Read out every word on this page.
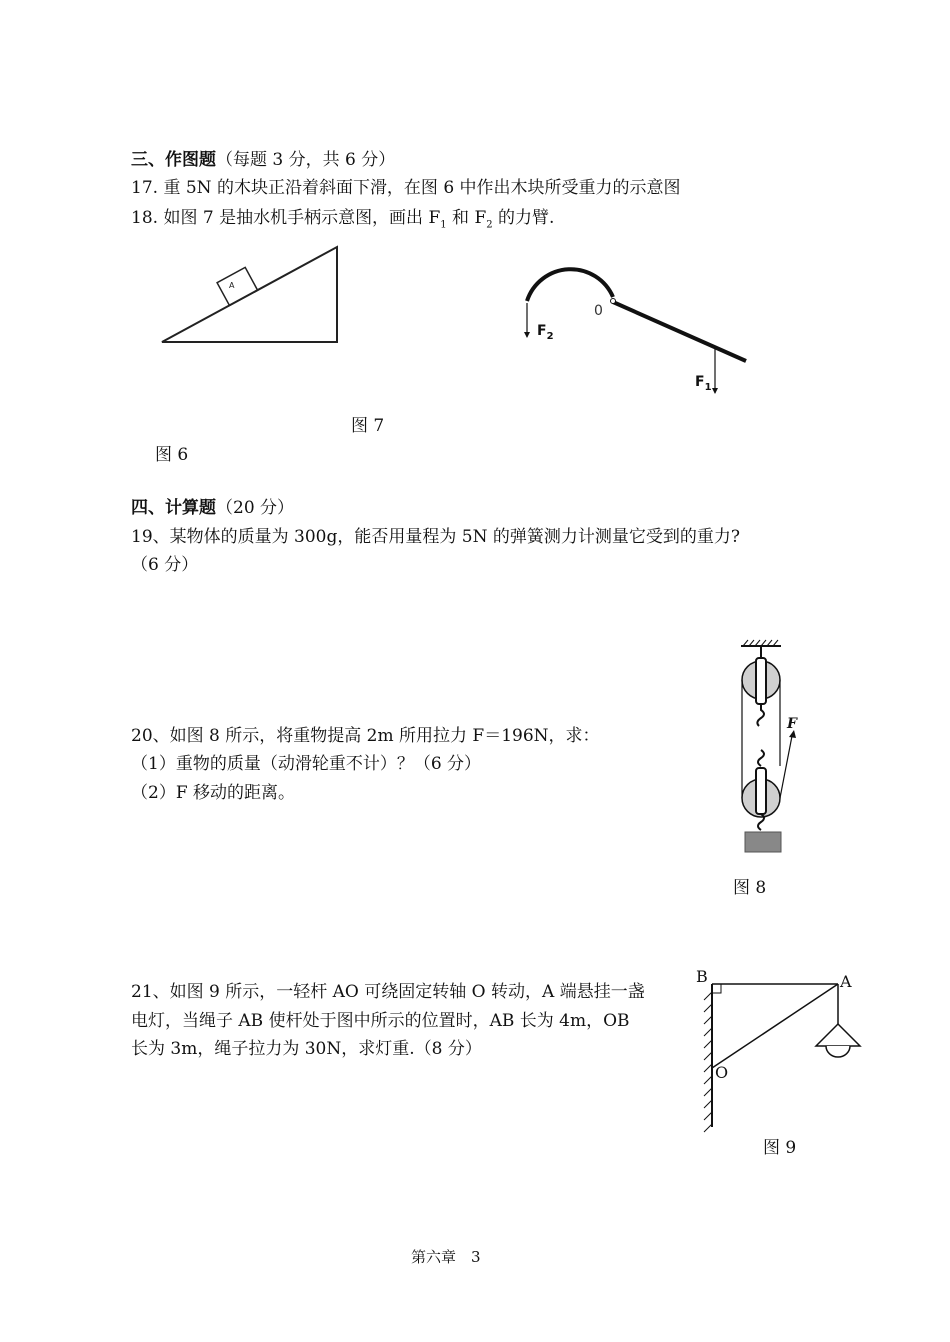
三、作图题（每题 3 分，共 6 分）
17. 重 5N 的木块正沿着斜面下滑，在图 6 中作出木块所受重力的示意图
18. 如图 7 是抽水机手柄示意图，画出 $F_1$ 和 $F_2$ 的力臂.
A
0
$F_2$
$F_1$
图 7
图 6
四、计算题（20 分）
19、某物体的质量为 300g，能否用量程为 5N 的弹簧测力计测量它受到的重力?
（6 分）
20、如图 8 所示，将重物提高 2m 所用拉力 F＝196N，求：
（1）重物的质量（动滑轮重不计）？（6 分）
（2）F 移动的距离。
F
图 8
21、如图 9 所示，一轻杆 AO 可绕固定转轴 O 转动，A 端悬挂一盏
电灯，当绳子 AB 使杆处于图中所示的位置时，AB 长为 4m，OB
长为 3m，绳子拉力为 30N，求灯重.（8 分）
B	A
O
图 9
第六章　3
